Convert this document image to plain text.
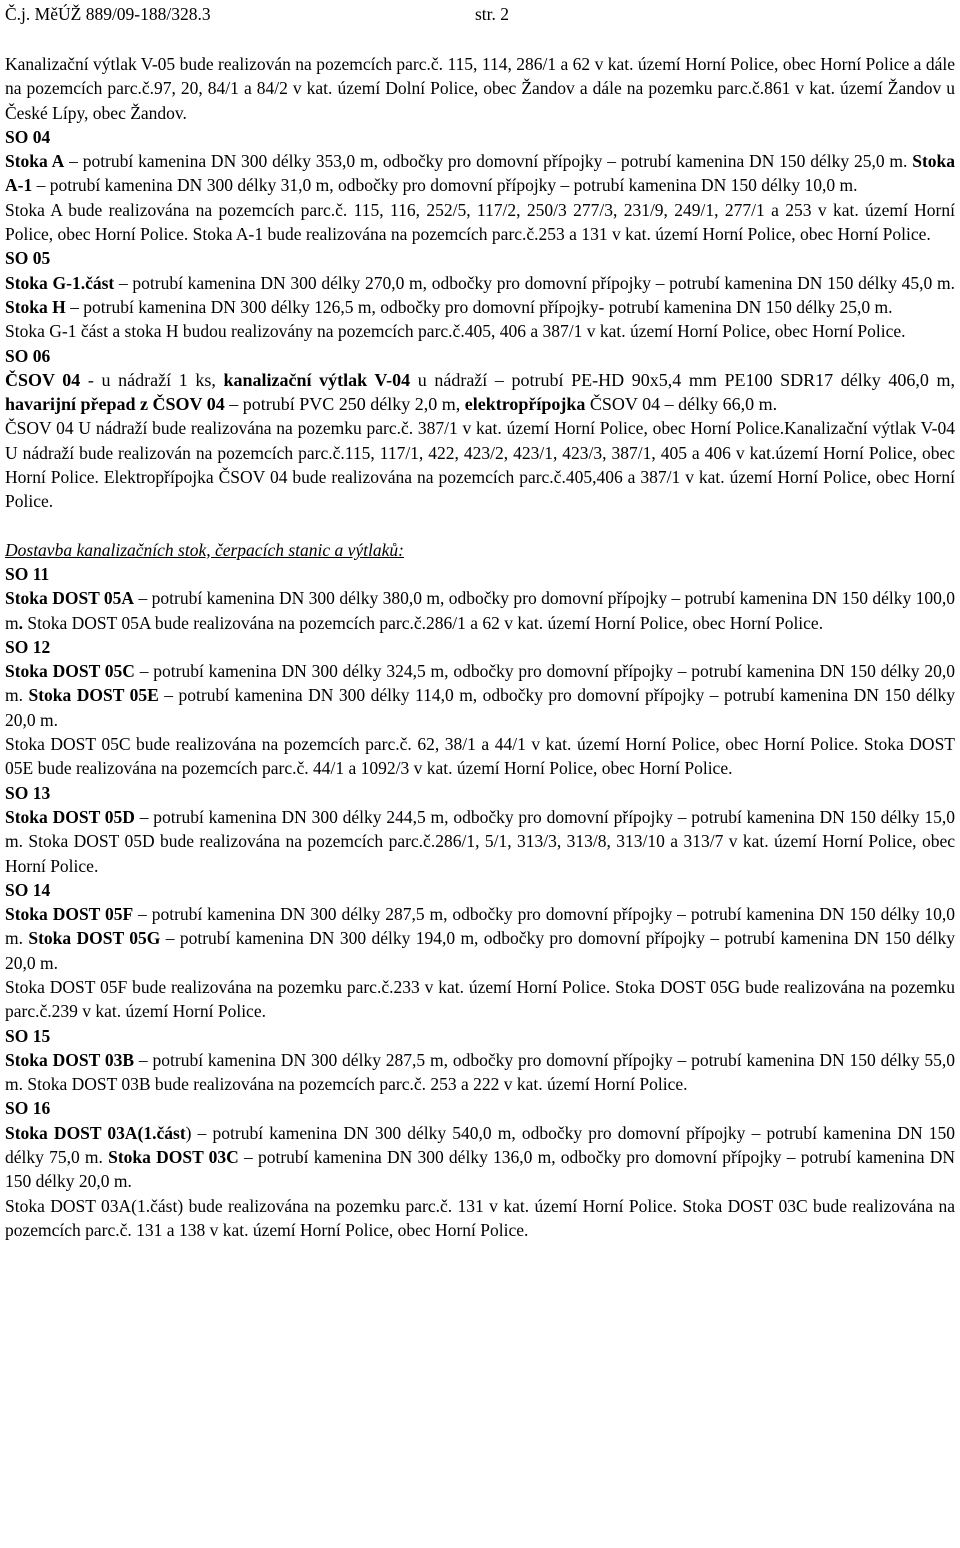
Č.j. MěÚŽ 889/09-188/328.3	str. 2

Kanalizační výtlak V-05 bude realizován na pozemcích parc.č. 115, 114, 286/1 a 62 v kat. území Horní Police, obec Horní Police a dále na pozemcích parc.č.97, 20, 84/1 a 84/2 v kat. území Dolní Police, obec Žandov a dále na pozemku parc.č.861 v kat. území Žandov u České Lípy, obec Žandov.

SO 04

Stoka A – potrubí kamenina DN 300 délky 353,0 m, odbočky pro domovní přípojky – potrubí kamenina DN 150 délky 25,0 m. Stoka A-1 – potrubí kamenina DN 300 délky 31,0 m, odbočky pro domovní přípojky – potrubí kamenina DN 150 délky 10,0 m.

Stoka A bude realizována na pozemcích parc.č. 115, 116, 252/5, 117/2, 250/3 277/3, 231/9, 249/1, 277/1 a 253 v kat. území Horní Police, obec Horní Police. Stoka A-1 bude realizována na pozemcích parc.č.253 a 131 v kat. území Horní Police, obec Horní Police.

SO 05

Stoka G-1.část – potrubí kamenina DN 300 délky 270,0 m, odbočky pro domovní přípojky – potrubí kamenina DN 150 délky 45,0 m. Stoka H – potrubí kamenina DN 300 délky 126,5 m, odbočky pro domovní přípojky- potrubí kamenina DN 150 délky 25,0 m.

Stoka G-1 část a stoka H budou realizovány na pozemcích parc.č.405, 406 a 387/1 v kat. území Horní Police, obec Horní Police.

SO 06

ČSOV 04 - u nádraží 1 ks, kanalizační výtlak V-04 u nádraží – potrubí PE-HD 90x5,4 mm PE100 SDR17 délky 406,0 m, havarijní přepad z ČSOV 04 – potrubí PVC 250 délky 2,0 m, elektropřípojka ČSOV 04 – délky 66,0 m.

ČSOV 04 U nádraží bude realizována na pozemku parc.č. 387/1 v kat. území Horní Police, obec Horní Police.Kanalizační výtlak V-04 U nádraží bude realizován na pozemcích parc.č.115, 117/1, 422, 423/2, 423/1, 423/3, 387/1, 405 a 406 v kat.území Horní Police, obec Horní Police. Elektropřípojka ČSOV 04 bude realizována na pozemcích parc.č.405,406 a 387/1 v kat. území Horní Police, obec Horní Police.

Dostavba kanalizačních stok, čerpacích stanic a výtlaků:

SO 11

Stoka DOST 05A – potrubí kamenina DN 300 délky 380,0 m, odbočky pro domovní přípojky – potrubí kamenina DN 150 délky 100,0 m. Stoka DOST 05A bude realizována na pozemcích parc.č.286/1 a 62 v kat. území Horní Police, obec Horní Police.

SO 12

Stoka DOST 05C – potrubí kamenina DN 300 délky 324,5 m, odbočky pro domovní přípojky – potrubí kamenina DN 150 délky 20,0 m. Stoka DOST 05E – potrubí kamenina DN 300 délky 114,0 m, odbočky pro domovní přípojky – potrubí kamenina DN 150 délky 20,0 m.

Stoka DOST 05C bude realizována na pozemcích parc.č. 62, 38/1 a 44/1 v kat. území Horní Police, obec Horní Police. Stoka DOST 05E bude realizována na pozemcích parc.č. 44/1 a 1092/3 v kat. území Horní Police, obec Horní Police.

SO 13

Stoka DOST 05D – potrubí kamenina DN 300 délky 244,5 m, odbočky pro domovní přípojky – potrubí kamenina DN 150 délky 15,0 m. Stoka DOST 05D bude realizována na pozemcích parc.č.286/1, 5/1, 313/3, 313/8, 313/10 a 313/7 v kat. území Horní Police, obec Horní Police.

SO 14

Stoka DOST 05F – potrubí kamenina DN 300 délky 287,5 m, odbočky pro domovní přípojky – potrubí kamenina DN 150 délky 10,0 m. Stoka DOST 05G – potrubí kamenina DN 300 délky 194,0 m, odbočky pro domovní přípojky – potrubí kamenina DN 150 délky 20,0 m.

Stoka DOST 05F bude realizována na pozemku parc.č.233 v kat. území Horní Police. Stoka DOST 05G bude realizována na pozemku parc.č.239 v kat. území Horní Police.

SO 15

Stoka DOST 03B – potrubí kamenina DN 300 délky 287,5 m, odbočky pro domovní přípojky – potrubí kamenina DN 150 délky 55,0 m. Stoka DOST 03B bude realizována na pozemcích parc.č. 253 a 222 v kat. území Horní Police.

SO 16

Stoka DOST 03A(1.část) – potrubí kamenina DN 300 délky 540,0 m, odbočky pro domovní přípojky – potrubí kamenina DN 150 délky 75,0 m. Stoka DOST 03C – potrubí kamenina DN 300 délky 136,0 m, odbočky pro domovní přípojky – potrubí kamenina DN 150 délky 20,0 m.

Stoka DOST 03A(1.část) bude realizována na pozemku parc.č. 131 v kat. území Horní Police. Stoka DOST 03C bude realizována na pozemcích parc.č. 131 a 138 v kat. území Horní Police, obec Horní Police.
